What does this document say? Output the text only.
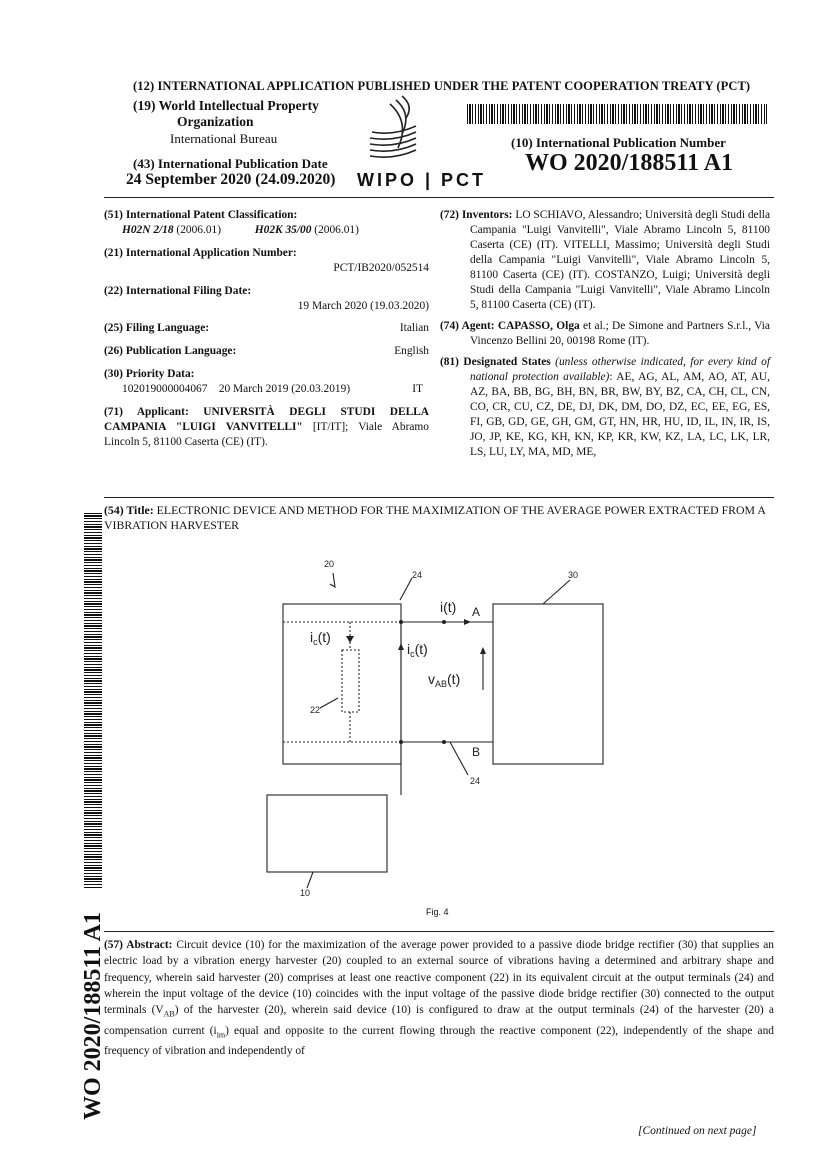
(12) INTERNATIONAL APPLICATION PUBLISHED UNDER THE PATENT COOPERATION TREATY (PCT)
(19) World Intellectual Property
Organization
International Bureau
(43) International Publication Date
24 September 2020 (24.09.2020) WIPO | PCT
(10) International Publication Number
WO 2020/188511 A1
(51) International Patent Classification:
H02N 2/18 (2006.01)	H02K 35/00 (2006.01)
(21) International Application Number:
PCT/IB2020/052514
(22) International Filing Date:
19 March 2020 (19.03.2020)
(25) Filing Language:	Italian
(26) Publication Language:	English
(30) Priority Data:
102019000004067    20 March 2019 (20.03.2019)	IT
(71) Applicant: UNIVERSITÀ DEGLI STUDI DELLA CAMPANIA "LUIGI VANVITELLI" [IT/IT]; Viale Abramo Lincoln 5, 81100 Caserta (CE) (IT).
(72) Inventors: LO SCHIAVO, Alessandro; Università degli Studi della Campania "Luigi Vanvitelli", Viale Abramo Lincoln 5, 81100 Caserta (CE) (IT). VITELLI, Massimo; Università degli Studi della Campania "Luigi Vanvitelli", Viale Abramo Lincoln 5, 81100 Caserta (CE) (IT). COSTANZO, Luigi; Università degli Studi della Campania "Luigi Vanvitelli", Viale Abramo Lincoln 5, 81100 Caserta (CE) (IT).
(74) Agent: CAPASSO, Olga et al.; De Simone and Partners S.r.l., Via Vincenzo Bellini 20, 00198 Rome (IT).
(81) Designated States (unless otherwise indicated, for every kind of national protection available): AE, AG, AL, AM, AO, AT, AU, AZ, BA, BB, BG, BH, BN, BR, BW, BY, BZ, CA, CH, CL, CN, CO, CR, CU, CZ, DE, DJ, DK, DM, DO, DZ, EC, EE, EG, ES, FI, GB, GD, GE, GH, GM, GT, HN, HR, HU, ID, IL, IN, IR, IS, JO, JP, KE, KG, KH, KN, KP, KR, KW, KZ, LA, LC, LK, LR, LS, LU, LY, MA, MD, ME,
(54) Title: ELECTRONIC DEVICE AND METHOD FOR THE MAXIMIZATION OF THE AVERAGE POWER EXTRACTED FROM A VIBRATION HARVESTER
20
24	30
22
24
10
i(t) A
B
$i_c(t)$
$i_c(t)$
$v_{AB}(t)$
Fig. 4
(57) Abstract: Circuit device (10) for the maximization of the average power provided to a passive diode bridge rectifier (30) that supplies an electric load by a vibration energy harvester (20) coupled to an external source of vibrations having a determined and arbitrary shape and frequency, wherein said harvester (20) comprises at least one reactive component (22) in its equivalent circuit at the output terminals (24) and wherein the input voltage of the device (10) coincides with the input voltage of the passive diode bridge rectifier (30) connected to the output terminals $(V_{AB})$ of the harvester (20), wherein said device (10) is configured to draw at the output terminals (24) of the harvester (20) a compensation current $(i_{im})$ equal and opposite to the current flowing through the reactive component (22), independently of the shape and frequency of vibration and independently of
[Continued on next page]
WO 2020/188511 A1
